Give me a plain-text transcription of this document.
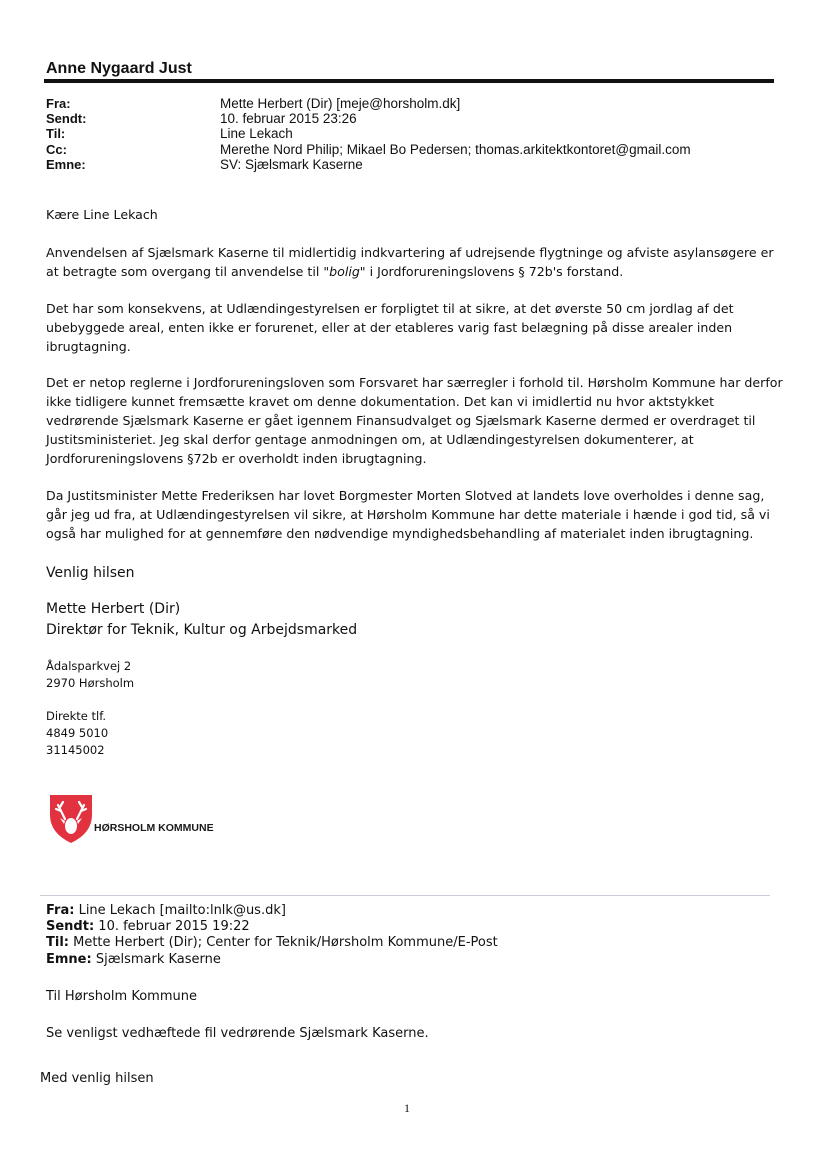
Anne Nygaard Just
Fra:
Sendt:
Til:
Cc:
Emne:
Mette Herbert (Dir) [meje@horsholm.dk]
10. februar 2015 23:26
Line Lekach
Merethe Nord Philip; Mikael Bo Pedersen; thomas.arkitektkontoret@gmail.com
SV: Sjælsmark Kaserne
Kære Line Lekach
Anvendelsen af Sjælsmark Kaserne til midlertidig indkvartering af udrejsende flygtninge og afviste asylansøgere er at betragte som overgang til anvendelse til "bolig" i Jordforureningslovens § 72b's forstand.
Det har som konsekvens, at Udlændingestyrelsen er forpligtet til at sikre, at det øverste 50 cm jordlag af det ubebyggede areal, enten ikke er forurenet, eller at der etableres varig fast belægning på disse arealer inden ibrugtagning.
Det er netop reglerne i Jordforureningsloven som Forsvaret har særregler i forhold til. Hørsholm Kommune har derfor ikke tidligere kunnet fremsætte kravet om denne dokumentation. Det kan vi imidlertid nu hvor aktstykket vedrørende Sjælsmark Kaserne er gået igennem Finansudvalget og Sjælsmark Kaserne dermed er overdraget til Justitsministeriet. Jeg skal derfor gentage anmodningen om, at Udlændingestyrelsen dokumenterer, at Jordforureningslovens §72b er overholdt inden ibrugtagning.
Da Justitsminister Mette Frederiksen har lovet Borgmester Morten Slotved at landets love overholdes i denne sag, går jeg ud fra, at Udlændingestyrelsen vil sikre, at Hørsholm Kommune har dette materiale i hænde i god tid, så vi også har mulighed for at gennemføre den nødvendige myndighedsbehandling af materialet inden ibrugtagning.
Venlig hilsen
Mette Herbert (Dir)
Direktør for Teknik, Kultur og Arbejdsmarked
Ådalsparkvej 2
2970 Hørsholm
Direkte tlf.
4849 5010
31145002
HØRSHOLM KOMMUNE
Fra: Line Lekach [mailto:lnlk@us.dk]
Sendt: 10. februar 2015 19:22
Til: Mette Herbert (Dir); Center for Teknik/Hørsholm Kommune/E-Post
Emne: Sjælsmark Kaserne
Til Hørsholm Kommune
Se venligst vedhæftede fil vedrørende Sjælsmark Kaserne.
Med venlig hilsen
1
